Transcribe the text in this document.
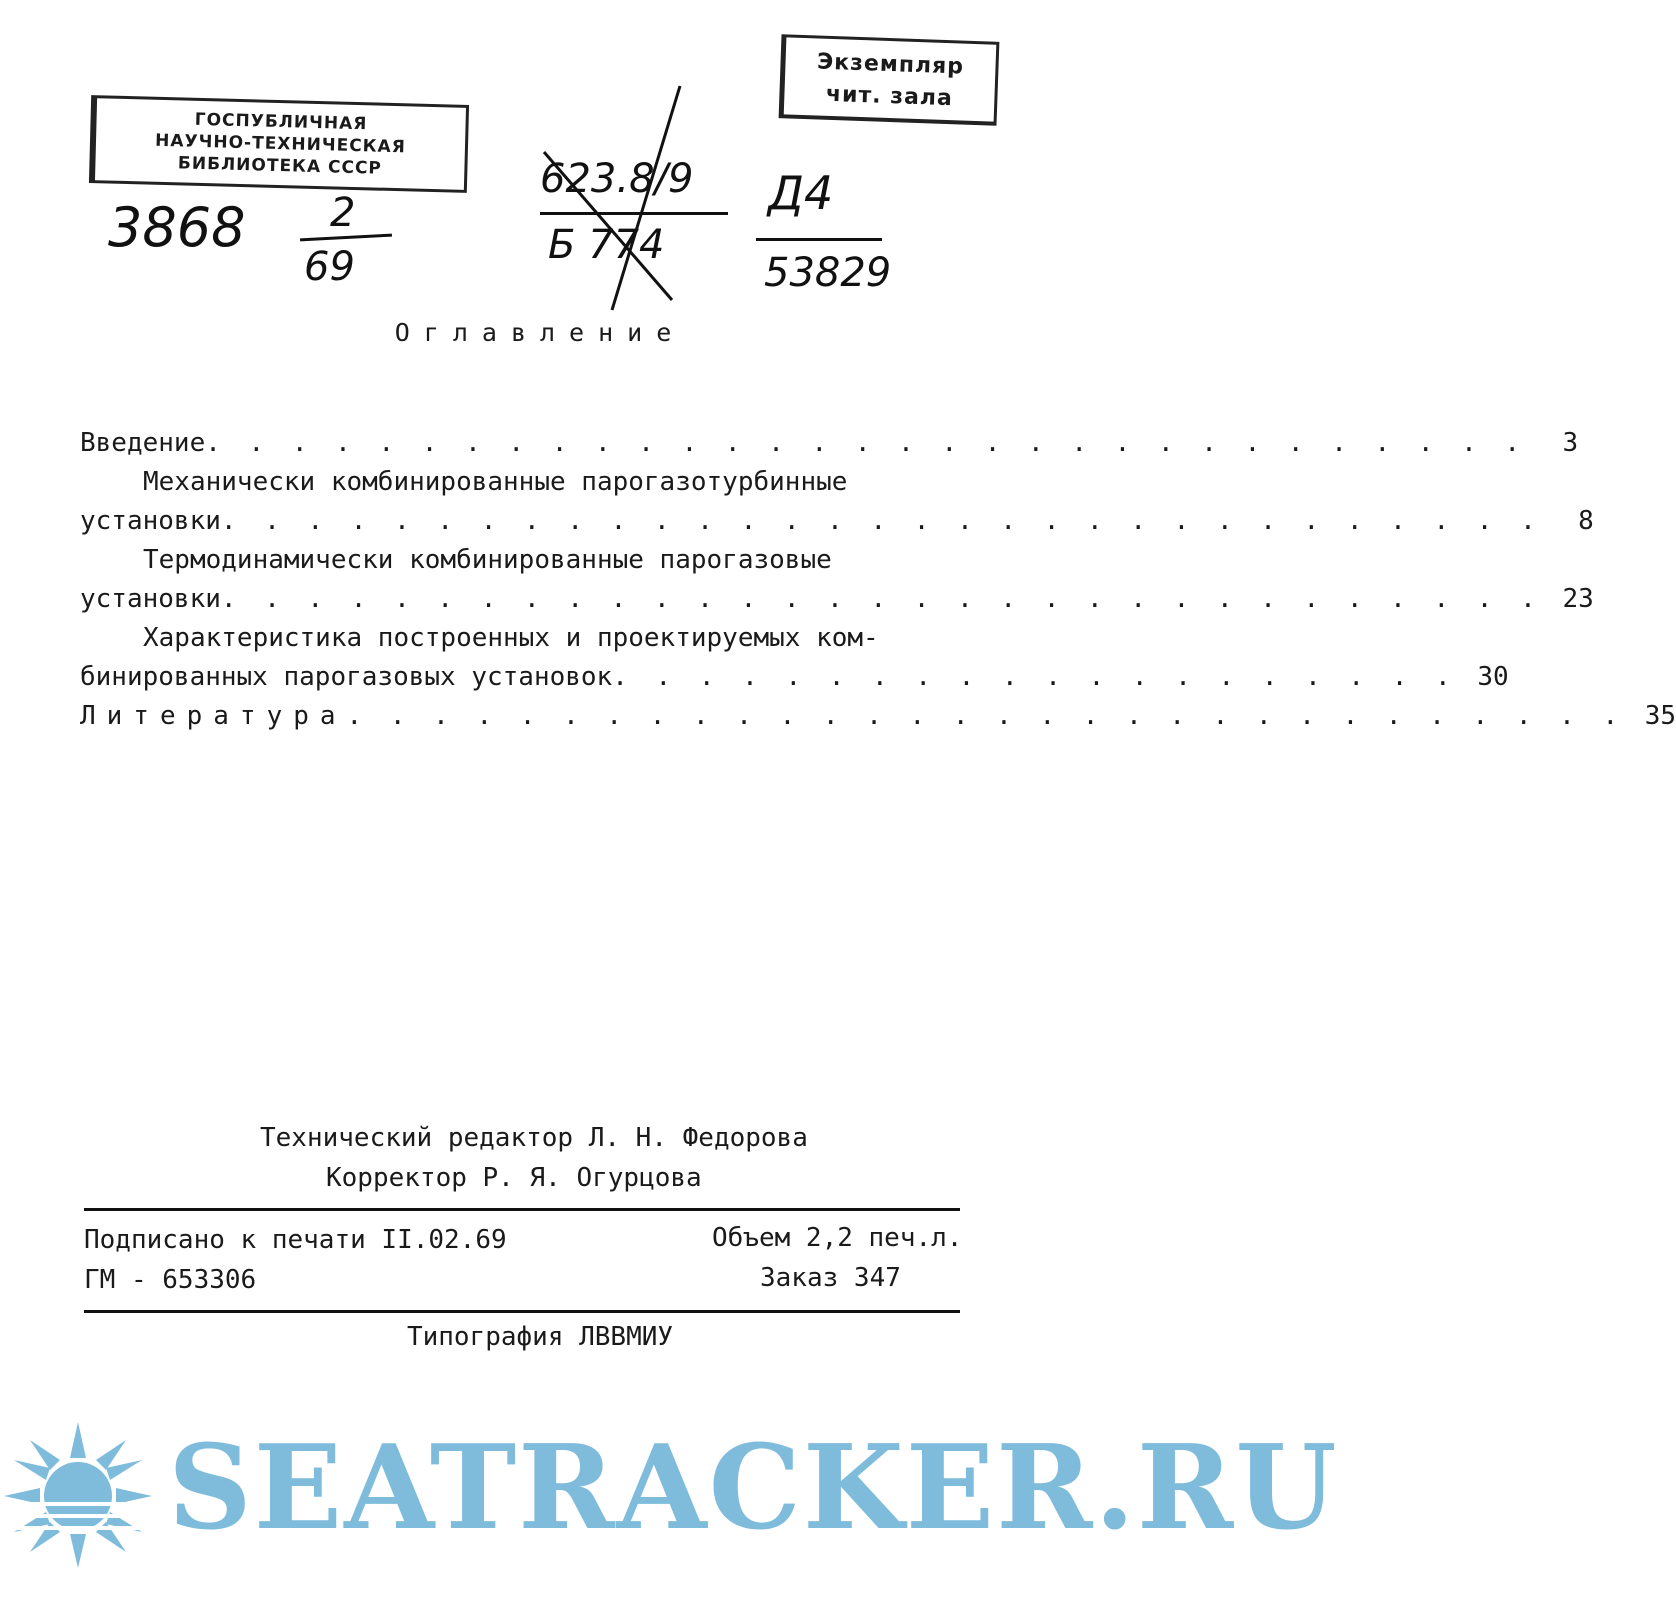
ГОСПУБЛИЧНАЯ
НАУЧНО-ТЕХНИЧЕСКАЯ
БИБЛИОТЕКА СССР
Экземпляр
чит. зала
3868 2
69
623.8/9
Б 774
Д4
53829
Оглавление
Введение . . . . . . . . . . . . . . . . . . . . . . . . . . . . . . .	3
Механически комбинированные парогазотурбинные
установки . . . . . . . . . . . . . . . . . . . . . . . . . . . . . . .	8
Термодинамически комбинированные парогазовые
установки . . . . . . . . . . . . . . . . . . . . . . . . . . . . . . . 23
Характеристика построенных и проектируемых ком-
бинированных парогазовых установок . . . . . . . . . . . . . . . . . . . . 30
Литература . . . . . . . . . . . . . . . . . . . . . . . . . . . . . . 35
Технический редактор Л. Н. Федорова
Корректор Р. Я. Огурцова
Подписано к печати II.02.69
ГМ - 653306
Объем 2,2 печ.л.
Заказ 347
Типография ЛВВМИУ
SEATRACKER.RU
